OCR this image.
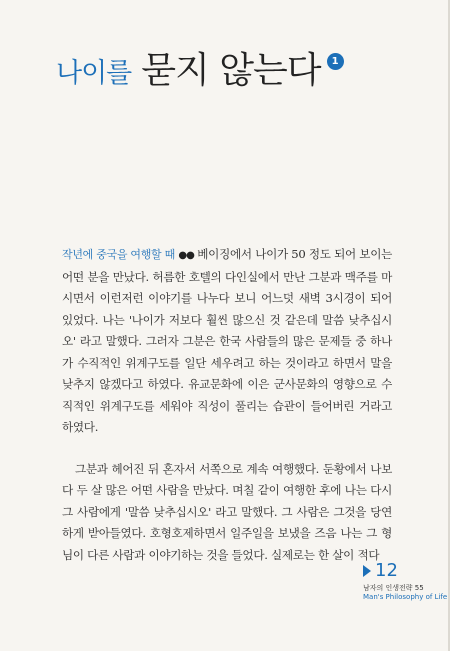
나이를 묻지 않는다	1

작년에 중국을 여행할 때 ●● 베이징에서 나이가 50 정도 되어 보이는 어떤 분을 만났다. 허름한 호텔의 다인실에서 만난 그분과 맥주를 마시면서 이런저런 이야기를 나누다 보니 어느덧 새벽 3시경이 되어 있었다. 나는 '나이가 저보다 훨씬 많으신 것 같은데 말씀 낮추십시오' 라고 말했다. 그러자 그분은 한국 사람들의 많은 문제들 중 하나가 수직적인 위계구도를 일단 세우려고 하는 것이라고 하면서 말을 낮추지 않겠다고 하였다. 유교문화에 이은 군사문화의 영향으로 수직적인 위계구도를 세워야 직성이 풀리는 습관이 들어버린 거라고 하였다.

그분과 헤어진 뒤 혼자서 서쪽으로 계속 여행했다. 둔황에서 나보다 두 살 많은 어떤 사람을 만났다. 며칠 같이 여행한 후에 나는 다시 그 사람에게 '말씀 낮추십시오' 라고 말했다. 그 사람은 그것을 당연하게 받아들였다. 호형호제하면서 일주일을 보냈을 즈음 나는 그 형님이 다른 사람과 이야기하는 것을 들었다. 실제로는 한 살이 적다

12
남자의 인생전략 55
Man's Philosophy of Life
